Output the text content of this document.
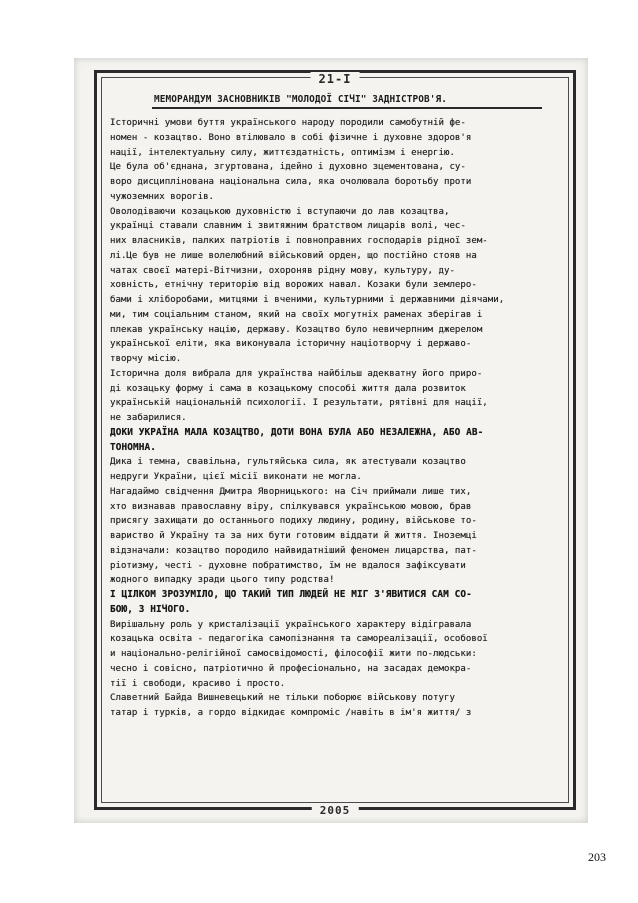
21-I
2005
МЕМОРАНДУМ ЗАСНОВНИКІВ "МОЛОДОЇ СІЧІ" ЗАДНІСТРОВ'Я.
Історичні умови буття українського народу породили самобутній фе-
номен - козацтво. Воно втілювало в собі фізичне і духовне здоров'я
нації, інтелектуальну силу, життєздатність, оптимізм і енергію.
Це була об'єднана, згуртована, ідейно і духовно зцементована, су-
воро дисциплінована національна сила, яка очолювала боротьбу проти
чужоземних ворогів.
Оволодіваючи козацькою духовністю і вступаючи до лав козацтва,
українці ставали славним і звитяжним братством лицарів волі, чес-
них власників, палких патріотів і повноправних господарів рідної зем-
лі.Це був не лише волелюбний військовий орден, що постійно стояв на
чатах своєї матері-Вітчизни, охороняв рідну мову, культуру, ду-
ховність, етнічну територію від ворожих навал. Козаки були землеро-
бами і хліборобами, митцями і вченими, культурними і державними діячами,
ми, тим соціальним станом, який на своїх могутніх раменах зберігав і
плекав українську націю, державу. Козацтво було невичерпним джерелом
української еліти, яка виконувала історичну націотворчу і державо-
творчу місію.
Історична доля вибрала для українства найбільш адекватну його приро-
ді козацьку форму і сама в козацькому способі життя дала розвиток
українській національній психології. І результати, рятівні для нації,
не забарилися.
ДОКИ УКРАЇНА МАЛА КОЗАЦТВО, ДОТИ ВОНА БУЛА АБО НЕЗАЛЕЖНА, АБО АВ-
ТОНОМНА.
Дика і темна, свавільна, гультяйська сила, як атестували козацтво
недруги України, цієї місії виконати не могла.
Нагадаймо свідчення Дмитра Яворницького: на Січ приймали лише тих,
хто визнавав православну віру, спілкувався українською мовою, брав
присягу захищати до останнього подиху людину, родину, військове то-
вариство й Україну та за них бути готовим віддати й життя. Іноземці
відзначали: козацтво породило найвидатніший феномен лицарства, пат-
ріотизму, честі - духовне побратимство, їм не вдалося зафіксувати
жодного випадку зради цього типу родства!
І ЦІЛКОМ ЗРОЗУМІЛО, ЩО ТАКИЙ ТИП ЛЮДЕЙ НЕ МІГ З'ЯВИТИСЯ САМ СО-
БОЮ, З НІЧОГО.
Вирішальну роль у кристалізації українського характеру відігравала
козацька освіта - педагогіка самопізнання та самореалізації, особової
и національно-релігійної самосвідомості, філософії жити по-людськи:
чесно і совісно, патріотично й професіонально, на засадах демокра-
тії і свободи, красиво і просто.
Славетний Байда Вишневецький не тільки поборює військову потугу
татар і турків, а гордо відкидає компроміс /навіть в ім'я життя/ з
203
